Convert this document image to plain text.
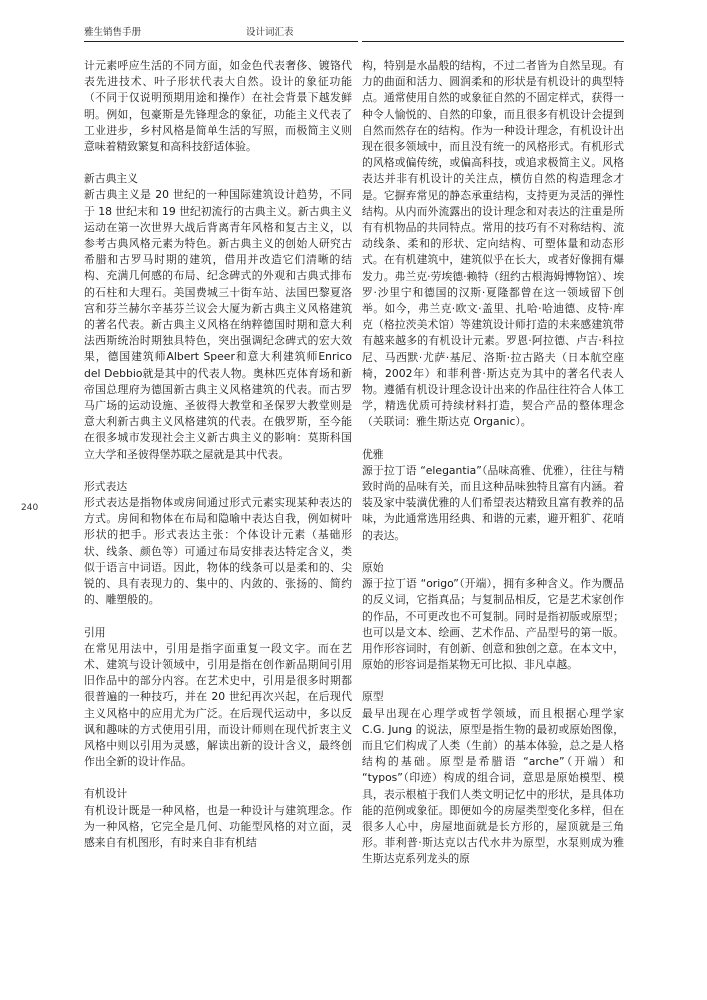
雅生销售手册	设计词汇表
240

计元素呼应生活的不同方面，如金色代表奢侈、镀铬代表先进技术、叶子形状代表大自然。设计的象征功能（不同于仅说明预期用途和操作）在社会背景下越发鲜明。例如，包豪斯是先锋理念的象征，功能主义代表了工业进步，乡村风格是简单生活的写照，而极简主义则意味着精致繁复和高科技舒适体验。

新古典主义

新古典主义是 20 世纪的一种国际建筑设计趋势，不同于 18 世纪末和 19 世纪初流行的古典主义。新古典主义运动在第一次世界大战后背离青年风格和复古主义，以参考古典风格元素为特色。新古典主义的创始人研究古希腊和古罗马时期的建筑，借用并改造它们清晰的结构、充满几何感的布局、纪念碑式的外观和古典式排布的石柱和大理石。美国费城三十街车站、法国巴黎夏洛宫和芬兰赫尔辛基芬兰议会大厦为新古典主义风格建筑的著名代表。新古典主义风格在纳粹德国时期和意大利法西斯统治时期独具特色，突出强调纪念碑式的宏大效果，德国建筑师Albert Speer和意大利建筑师Enrico del Debbio就是其中的代表人物。奥林匹克体育场和新帝国总理府为德国新古典主义风格建筑的代表。而古罗马广场的运动设施、圣彼得大教堂和圣保罗大教堂则是意大利新古典主义风格建筑的代表。在俄罗斯，至今能在很多城市发现社会主义新古典主义的影响：莫斯科国立大学和圣彼得堡苏联之屋就是其中代表。

形式表达

形式表达是指物体或房间通过形式元素实现某种表达的方式。房间和物体在布局和隐喻中表达自我，例如树叶形状的把手。形式表达主张：个体设计元素（基础形状、线条、颜色等）可通过布局安排表达特定含义，类似于语言中词语。因此，物体的线条可以是柔和的、尖锐的、具有表现力的、集中的、内敛的、张扬的、简约的、雕塑般的。

引用

在常见用法中，引用是指字面重复一段文字。而在艺术、建筑与设计领域中，引用是指在创作新品期间引用旧作品中的部分内容。在艺术史中，引用是很多时期都很普遍的一种技巧，并在 20 世纪再次兴起，在后现代主义风格中的应用尤为广泛。在后现代运动中，多以反讽和趣味的方式使用引用，而设计师则在现代折衷主义风格中则以引用为灵感，解读出新的设计含义，最终创作出全新的设计作品。

有机设计

有机设计既是一种风格，也是一种设计与建筑理念。作为一种风格，它完全是几何、功能型风格的对立面，灵感来自有机图形，有时来自非有机结

构，特别是水晶般的结构，不过二者皆为自然呈现。有力的曲面和活力、圆润柔和的形状是有机设计的典型特点。通常使用自然的或象征自然的不固定样式，获得一种令人愉悦的、自然的印象，而且很多有机设计会提到自然而然存在的结构。作为一种设计理念，有机设计出现在很多领域中，而且没有统一的风格形式。有机形式的风格或偏传统，或偏高科技，或追求极简主义。风格表达并非有机设计的关注点，横仿自然的构造理念才是。它摒弃常见的静态承重结构，支持更为灵活的弹性结构。从内而外流露出的设计理念和对表达的注重是所有有机物品的共同特点。常用的技巧有不对称结构、流动线条、柔和的形状、定向结构、可塑体量和动态形式。在有机建筑中，建筑似乎在长大，或者好像拥有爆发力。弗兰克·劳埃德·赖特（纽约古根海姆博物馆）、埃罗·沙里宁和德国的汉斯·夏隆都曾在这一领域留下创举。如今，弗兰克·欧文·盖里、扎哈·哈迪德、皮特·库克（格拉茨美术馆）等建筑设计师打造的未来感建筑带有越来越多的有机设计元素。罗恩·阿拉德、卢吉·科拉尼、马西默·尤萨·基尼、洛斯·拉古路夫（日本航空座椅，2002年）和菲利普·斯达克为其中的著名代表人物。遵循有机设计理念设计出来的作品往往符合人体工学，精选优质可持续材料打造，契合产品的整体理念（关联词：雅生斯达克 Organic）。

优雅

源于拉丁语 “elegantia”（品味高雅、优雅），往往与精致时尚的品味有关，而且这种品味独特且富有内涵。着装及家中装潢优雅的人们希望表达精致且富有教养的品味，为此通常选用经典、和谐的元素，避开粗犷、花哨的表达。

原始

源于拉丁语 “origo”（开端），拥有多种含义。作为赝品的反义词，它指真品；与复制品相反，它是艺术家创作的作品，不可更改也不可复制。同时是指初版或原型；也可以是文本、绘画、艺术作品、产品型号的第一版。用作形容词时，有创新、创意和独创之意。在本文中，原始的形容词是指某物无可比拟、非凡卓越。

原型

最早出现在心理学或哲学领域，而且根据心理学家 C.G. Jung 的说法，原型是指生物的最初或原始图像，而且它们构成了人类（生前）的基本体验，总之是人格结构的基础。原型是希腊语 “arche”（开端）和 “typos”（印迹）构成的组合词，意思是原始模型、模具，表示根植于我们人类文明记忆中的形状，是具体功能的范例或象征。即便如今的房屋类型变化多样，但在很多人心中，房屋地面就是长方形的，屋顶就是三角形。菲利普·斯达克以古代水井为原型，水泵则成为雅生斯达克系列龙头的原
